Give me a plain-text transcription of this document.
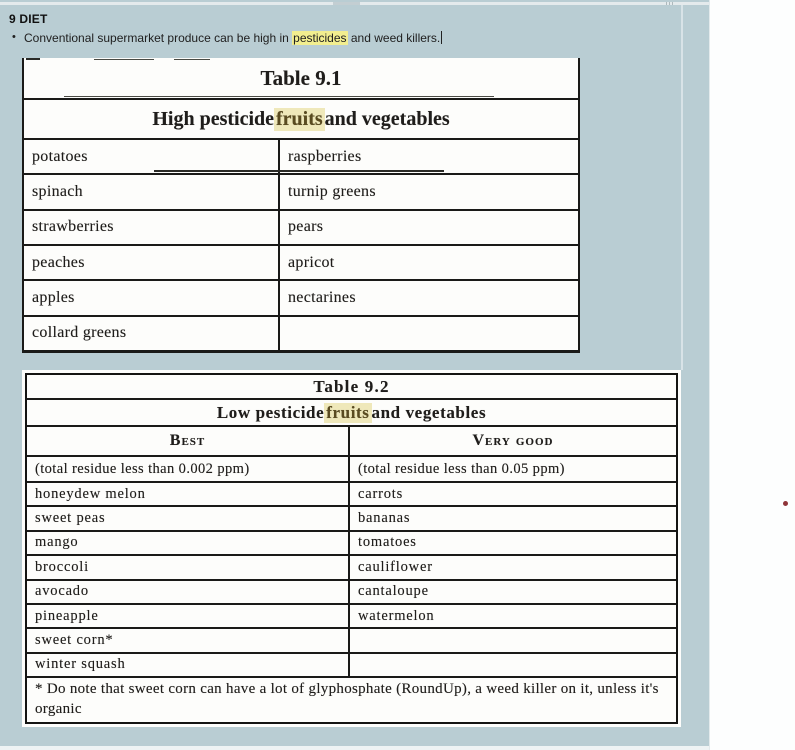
9 DIET
• Conventional supermarket produce can be high in pesticides and weed killers.
Table 9.1
High pesticide fruits and vegetables
potatoes	raspberries
spinach	turnip greens
strawberries	pears
peaches	apricot
apples	nectarines
collard greens
Table 9.2
Low pesticide fruits and vegetables
Best	Very good
(total residue less than 0.002 ppm)	(total residue less than 0.05 ppm)
honeydew melon	carrots
sweet peas	bananas
mango	tomatoes
broccoli	cauliflower
avocado	cantaloupe
pineapple	watermelon
sweet corn*
winter squash
* Do note that sweet corn can have a lot of glyphosphate (RoundUp), a weed killer on it, unless it's organic
